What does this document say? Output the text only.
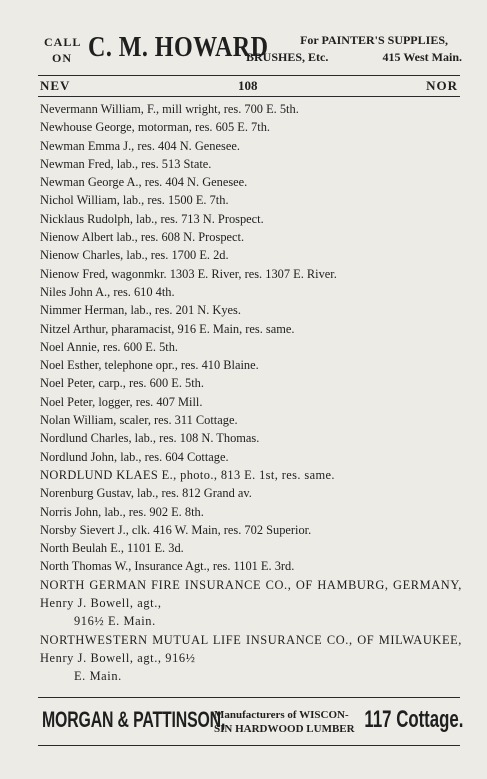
CALL
ON C. M. HOWARD	For PAINTER'S SUPPLIES,
BRUSHES, Etc.	415 West Main.
NEV	108	NOR
Nevermann William, F., mill wright, res. 700 E. 5th.
Newhouse George, motorman, res. 605 E. 7th.
Newman Emma J., res. 404 N. Genesee.
Newman Fred, lab., res. 513 State.
Newman George A., res. 404 N. Genesee.
Nichol William, lab., res. 1500 E. 7th.
Nicklaus Rudolph, lab., res. 713 N. Prospect.
Nienow Albert lab., res. 608 N. Prospect.
Nienow Charles, lab., res. 1700 E. 2d.
Nienow Fred, wagonmkr. 1303 E. River, res. 1307 E. River.
Niles John A., res. 610 4th.
Nimmer Herman, lab., res. 201 N. Kyes.
Nitzel Arthur, pharamacist, 916 E. Main, res. same.
Noel Annie, res. 600 E. 5th.
Noel Esther, telephone opr., res. 410 Blaine.
Noel Peter, carp., res. 600 E. 5th.
Noel Peter, logger, res. 407 Mill.
Nolan William, scaler, res. 311 Cottage.
Nordlund Charles, lab., res. 108 N. Thomas.
Nordlund John, lab., res. 604 Cottage.
NORDLUND KLAES E., photo., 813 E. 1st, res. same.
Norenburg Gustav, lab., res. 812 Grand av.
Norris John, lab., res. 902 E. 8th.
Norsby Sievert J., clk. 416 W. Main, res. 702 Superior.
North Beulah E., 1101 E. 3d.
North Thomas W., Insurance Agt., res. 1101 E. 3rd.
NORTH GERMAN FIRE INSURANCE CO., OF HAMBURG, GERMANY, Henry J. Bowell, agt.,
916½ E. Main.
NORTHWESTERN MUTUAL LIFE INSURANCE CO., OF MILWAUKEE, Henry J. Bowell, agt., 916½
E. Main.
MORGAN & PATTINSON,
Manufacturers of WISCON-
SIN HARDWOOD LUMBER 117 Cottage.
